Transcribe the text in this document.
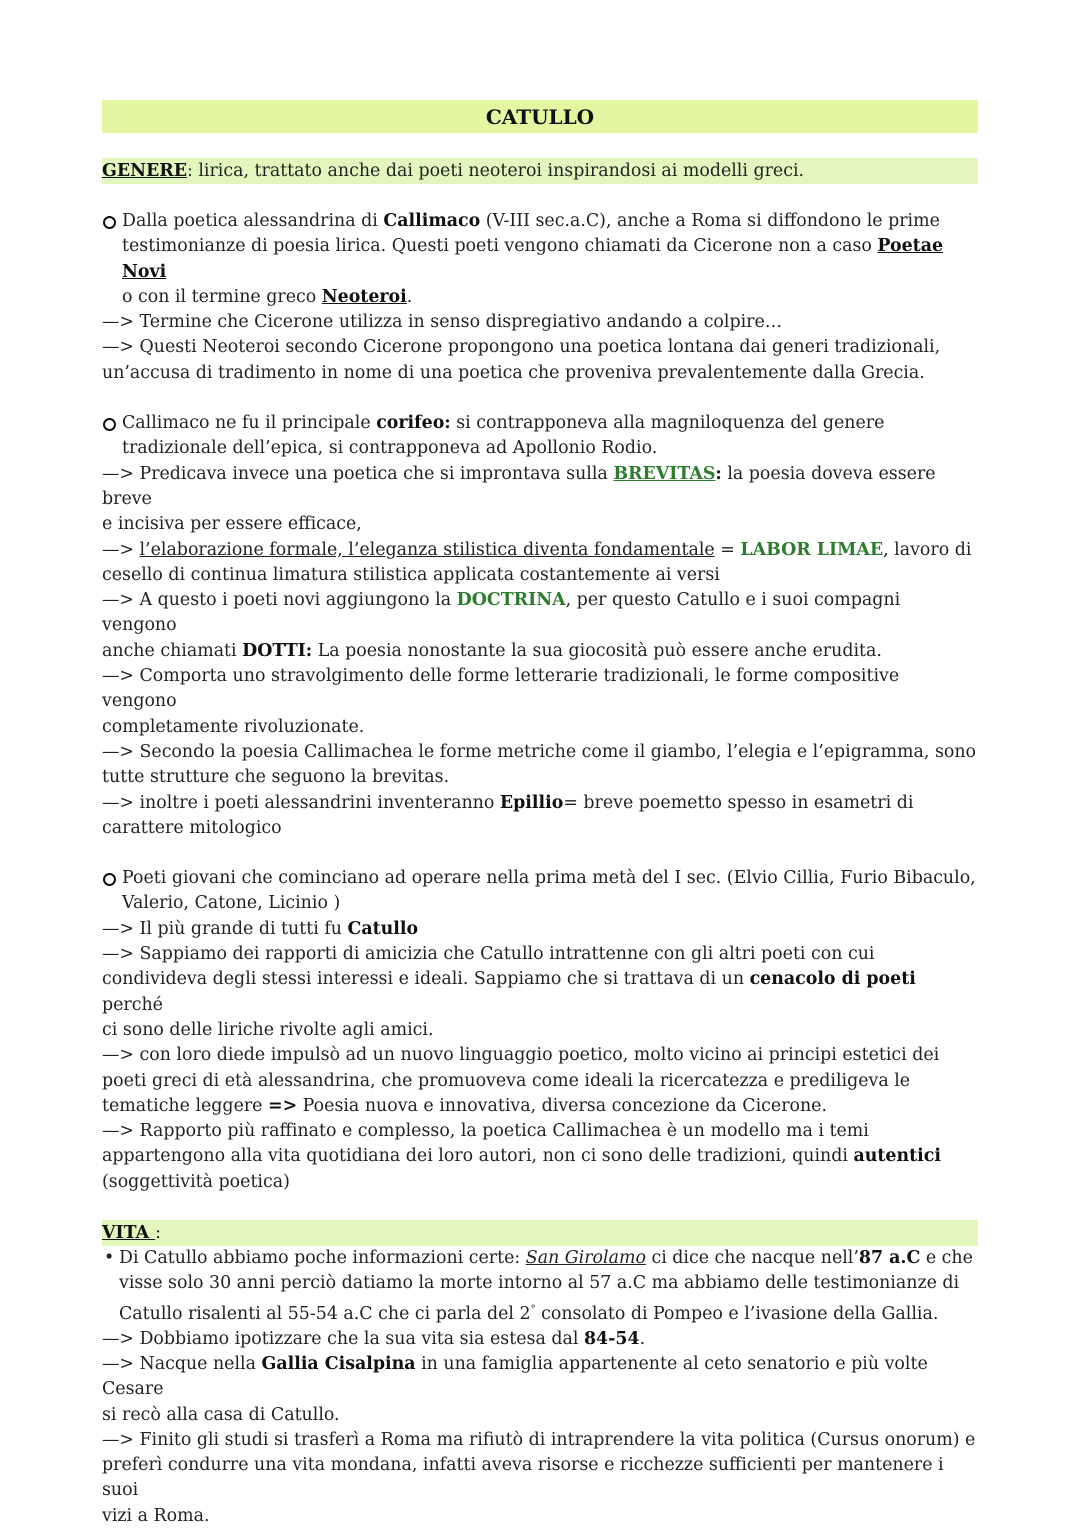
CATULLO
GENERE: lirica, trattato anche dai poeti neoteroi inspirandosi ai modelli greci.

Dalla poetica alessandrina di Callimaco (V-III sec.a.C), anche a Roma si diffondono le prime

testimonianze di poesia lirica. Questi poeti vengono chiamati da Cicerone non a caso Poetae Novi

o con il termine greco Neoteroi.

—> Termine che Cicerone utilizza in senso dispregiativo andando a colpire…

—> Questi Neoteroi secondo Cicerone propongono una poetica lontana dai generi tradizionali,

un’accusa di tradimento in nome di una poetica che proveniva prevalentemente dalla Grecia.

Callimaco ne fu il principale corifeo: si contrapponeva alla magniloquenza del genere

tradizionale dell’epica, si contrapponeva ad Apollonio Rodio.

—> Predicava invece una poetica che si improntava sulla BREVITAS: la poesia doveva essere breve

e incisiva per essere efficace,

—> l’elaborazione formale, l’eleganza stilistica diventa fondamentale = LABOR LIMAE, lavoro di

cesello di continua limatura stilistica applicata costantemente ai versi

—> A questo i poeti novi aggiungono la DOCTRINA, per questo Catullo e i suoi compagni vengono

anche chiamati DOTTI: La poesia nonostante la sua giocosità può essere anche erudita.

—> Comporta uno stravolgimento delle forme letterarie tradizionali, le forme compositive vengono

completamente rivoluzionate.

—> Secondo la poesia Callimachea le forme metriche come il giambo, l’elegia e l’epigramma, sono

tutte strutture che seguono la brevitas.

—> inoltre i poeti alessandrini inventeranno Epillio= breve poemetto spesso in esametri di

carattere mitologico

Poeti giovani che cominciano ad operare nella prima metà del I sec. (Elvio Cillia, Furio Bibaculo,

Valerio, Catone, Licinio )

—> Il più grande di tutti fu Catullo

—> Sappiamo dei rapporti di amicizia che Catullo intrattenne con gli altri poeti con cui

condivideva degli stessi interessi e ideali. Sappiamo che si trattava di un cenacolo di poeti perché

ci sono delle liriche rivolte agli amici.

—> con loro diede impulsò ad un nuovo linguaggio poetico, molto vicino ai principi estetici dei

poeti greci di età alessandrina, che promuoveva come ideali la ricercatezza e prediligeva le

tematiche leggere => Poesia nuova e innovativa, diversa concezione da Cicerone.

—> Rapporto più raffinato e complesso, la poetica Callimachea è un modello ma i temi

appartengono alla vita quotidiana dei loro autori, non ci sono delle tradizioni, quindi autentici

(soggettività poetica)

VITA :
• Di Catullo abbiamo poche informazioni certe: San Girolamo ci dice che nacque nell’87 a.C e che

visse solo 30 anni perciò datiamo la morte intorno al 57 a.C ma abbiamo delle testimonianze di

Catullo risalenti al 55-54 a.C che ci parla del 2° consolato di Pompeo e l’ivasione della Gallia.

—> Dobbiamo ipotizzare che la sua vita sia estesa dal 84-54.

—> Nacque nella Gallia Cisalpina in una famiglia appartenente al ceto senatorio e più volte Cesare

si recò alla casa di Catullo.

—> Finito gli studi si trasferì a Roma ma rifiutò di intraprendere la vita politica (Cursus onorum) e

preferì condurre una vita mondana, infatti aveva risorse e ricchezze sufficienti per mantenere i suoi

vizi a Roma.
